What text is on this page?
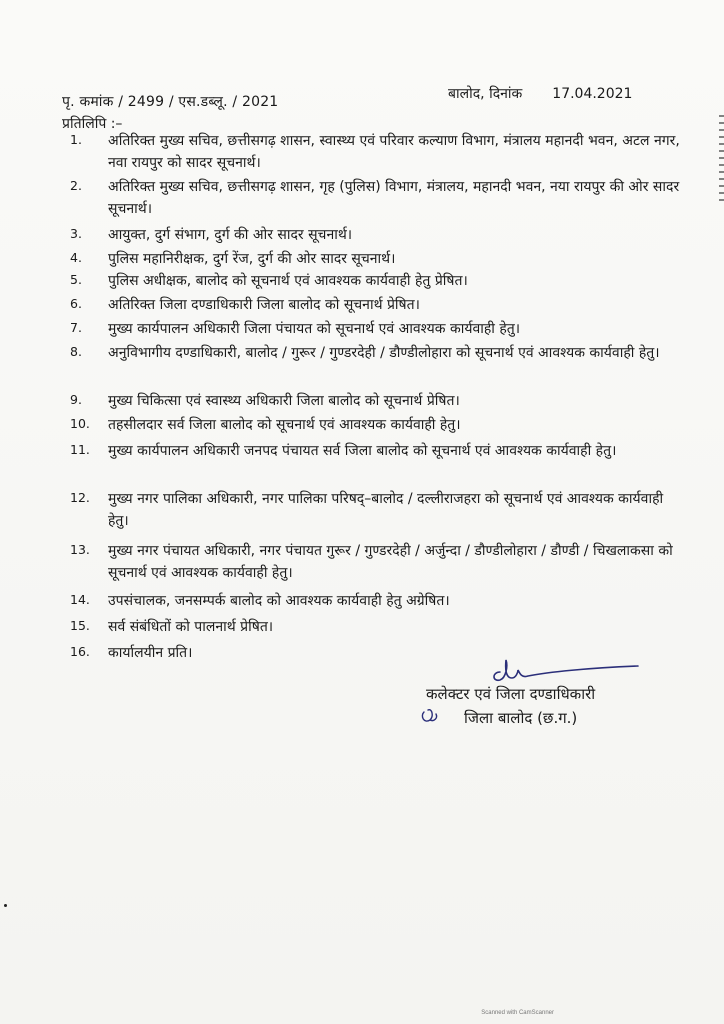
पृ. कमांक / 2499 / एस.डब्लू. / 2021	बालोद, दिनांक 17.04.2021
प्रतिलिपि :–
1.	अतिरिक्त मुख्य सचिव, छत्तीसगढ़ शासन, स्वास्थ्य एवं परिवार कल्याण विभाग, मंत्रालय महानदी भवन, अटल नगर, नवा रायपुर को सादर सूचनार्थ।
2.	अतिरिक्त मुख्य सचिव, छत्तीसगढ़ शासन, गृह (पुलिस) विभाग, मंत्रालय, महानदी भवन, नया रायपुर की ओर सादर सूचनार्थ।
3.	आयुक्त, दुर्ग संभाग, दुर्ग की ओर सादर सूचनार्थ।
4.	पुलिस महानिरीक्षक, दुर्ग रेंज, दुर्ग की ओर सादर सूचनार्थ।
5.	पुलिस अधीक्षक, बालोद को सूचनार्थ एवं आवश्यक कार्यवाही हेतु प्रेषित।
6.	अतिरिक्त जिला दण्डाधिकारी जिला बालोद को सूचनार्थ प्रेषित।
7.	मुख्य कार्यपालन अधिकारी जिला पंचायत को सूचनार्थ एवं आवश्यक कार्यवाही हेतु।
8.	अनुविभागीय दण्डाधिकारी, बालोद / गुरूर / गुण्डरदेही / डौण्डीलोहारा को सूचनार्थ एवं आवश्यक कार्यवाही हेतु।
9.	मुख्य चिकित्सा एवं स्वास्थ्य अधिकारी जिला बालोद को सूचनार्थ प्रेषित।
10.	तहसीलदार सर्व जिला बालोद को सूचनार्थ एवं आवश्यक कार्यवाही हेतु।
11.	मुख्य कार्यपालन अधिकारी जनपद पंचायत सर्व जिला बालोद को सूचनार्थ एवं आवश्यक कार्यवाही हेतु।
12.	मुख्य नगर पालिका अधिकारी, नगर पालिका परिषद्–बालोद / दल्लीराजहरा को सूचनार्थ एवं आवश्यक कार्यवाही हेतु।
13.	मुख्य नगर पंचायत अधिकारी, नगर पंचायत गुरूर / गुण्डरदेही / अर्जुन्दा / डौण्डीलोहारा / डौण्डी / चिखलाकसा को सूचनार्थ एवं आवश्यक कार्यवाही हेतु।
14.	उपसंचालक, जनसम्पर्क बालोद को आवश्यक कार्यवाही हेतु अग्रेषित।
15.	सर्व संबंधितों को पालनार्थ प्रेषित।
16.	कार्यालयीन प्रति।
कलेक्टर एवं जिला दण्डाधिकारी
जिला बालोद (छ.ग.)
Scanned with CamScanner
